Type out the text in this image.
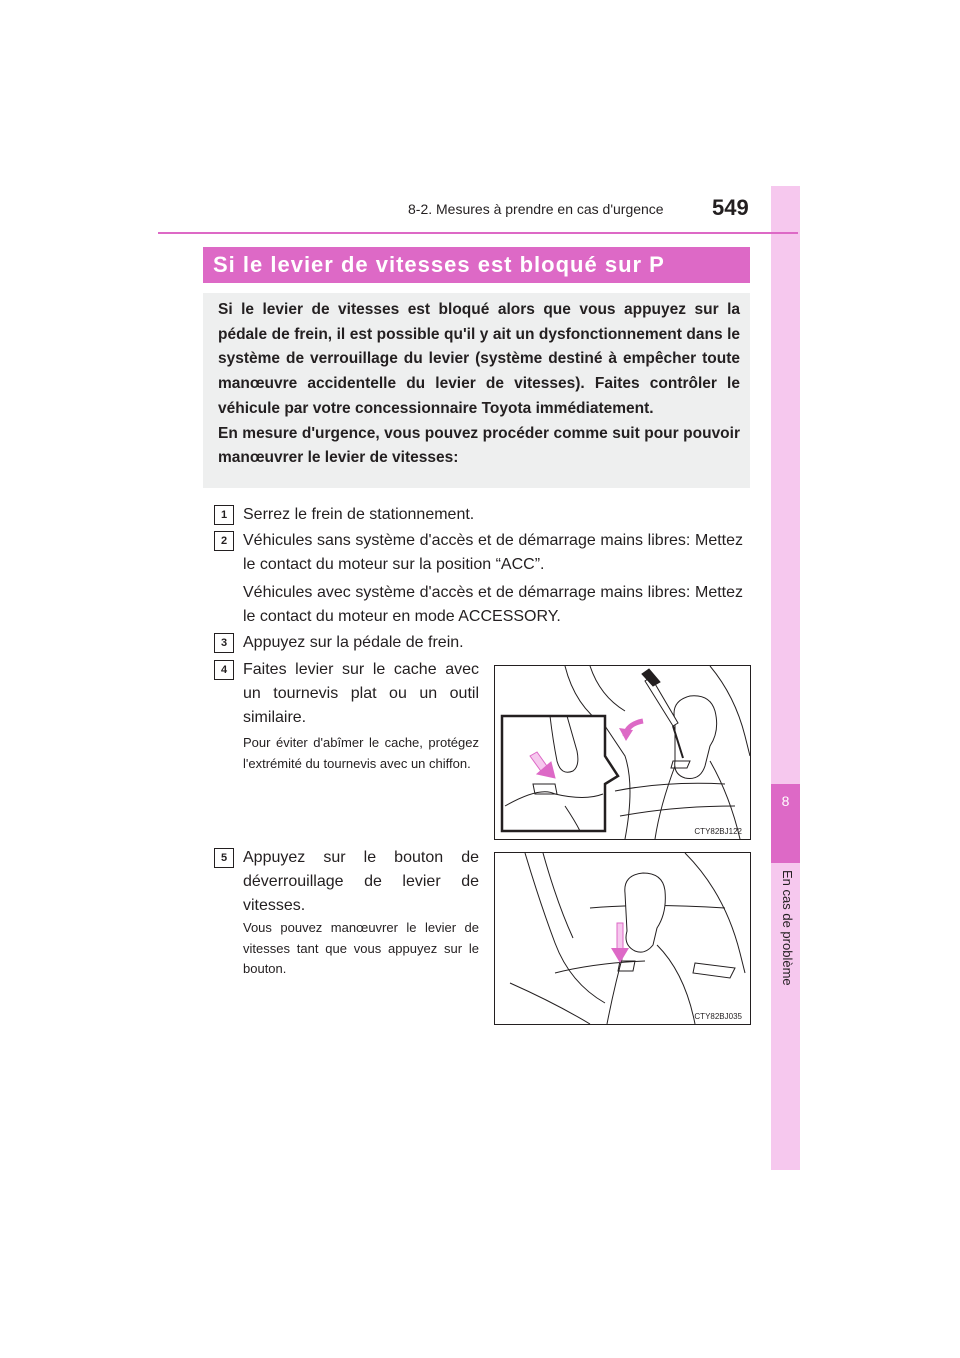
8
En cas de problème
8-2. Mesures à prendre en cas d'urgence 549
Si le levier de vitesses est bloqué sur P

Si le levier de vitesses est bloqué alors que vous appuyez sur la pédale de frein, il est possible qu'il y ait un dysfonctionnement dans le système de verrouillage du levier (système destiné à empêcher toute manœuvre accidentelle du levier de vitesses). Faites contrôler le véhicule par votre concessionnaire Toyota immédiatement.

En mesure d'urgence, vous pouvez procéder comme suit pour pouvoir manœuvrer le levier de vitesses:

1 Serrez le frein de stationnement.
2 Véhicules sans système d'accès et de démarrage mains libres: Mettez le contact du moteur sur la position “ACC”.
Véhicules avec système d'accès et de démarrage mains libres: Mettez le contact du moteur en mode ACCESSORY.
3 Appuyez sur la pédale de frein.
4 Faites levier sur le cache avec un tournevis plat ou un outil similaire.
Pour éviter d'abîmer le cache, protégez l'extrémité du tournevis avec un chiffon.
CTY82BJ122
5 Appuyez sur le bouton de déverrouillage de levier de vitesses.
Vous pouvez manœuvrer le levier de vitesses tant que vous appuyez sur le bouton.
CTY82BJ035
